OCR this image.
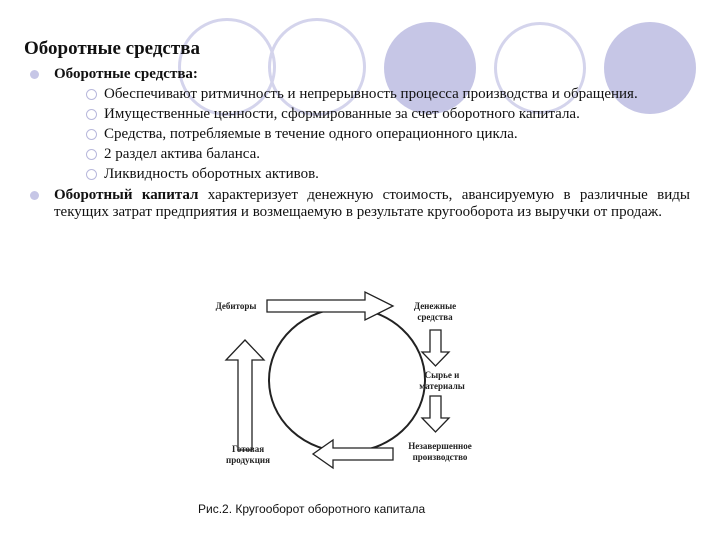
Оборотные средства
Оборотные средства:
Обеспечивают ритмичность и непрерывность процесса производства и обращения.
Имущественные ценности, сформированные за счет оборотного капитала.
Средства, потребляемые в течение одного операционного цикла.
2 раздел актива баланса.
Ликвидность оборотных активов.
Оборотный капитал характеризует денежную стоимость, авансируемую в различные виды текущих затрат предприятия и возмещаемую в результате кругооборота из выручки от продаж.
Дебиторы	Денежные средства
Сырье и материалы
Незавершенное производство
Готовая продукция
Рис.2. Кругооборот оборотного капитала
